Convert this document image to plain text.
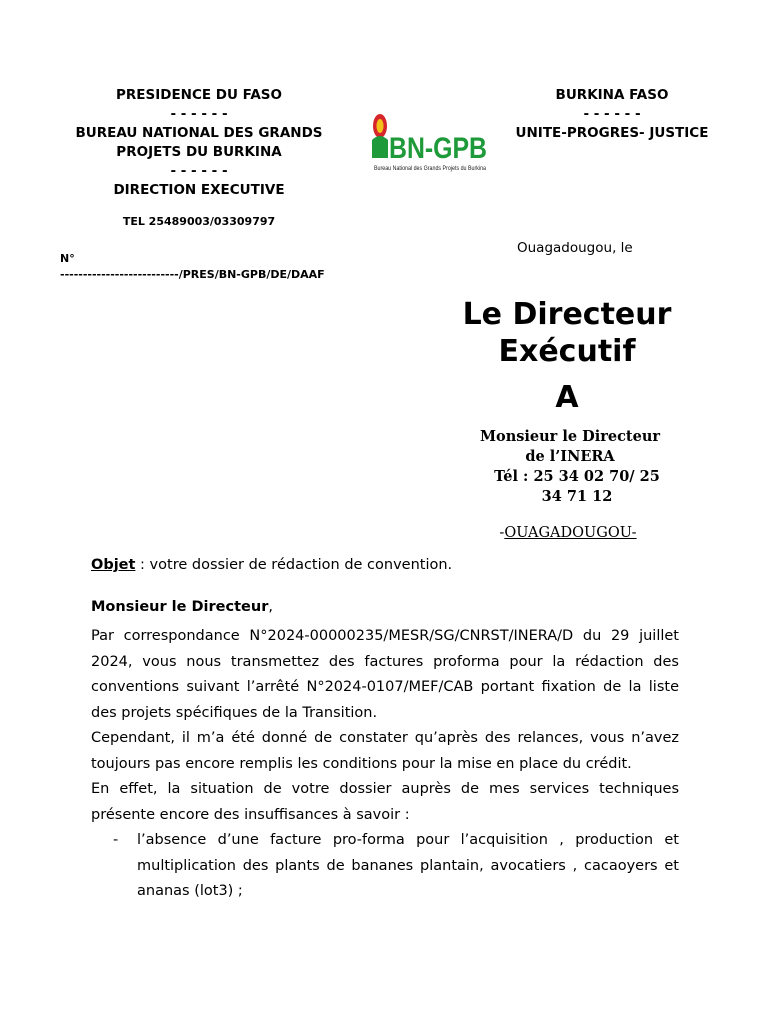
PRESIDENCE DU FASO
- - - - - -
BUREAU NATIONAL DES GRANDS PROJETS DU BURKINA
- - - - - -
DIRECTION EXECUTIVE
TEL 25489003/03309797
BN-GPB
Bureau National des Grands Projets du Burkina
BURKINA FASO
- - - - - -
UNITE-PROGRES- JUSTICE
N°
--------------------------/PRES/BN-GPB/DE/DAAF
Ouagadougou, le
Le Directeur Exécutif
A
Monsieur le Directeur de l’INERA
Tél : 25 34 02 70/ 25 34 71 12
-OUAGADOUGOU-

Objet : votre dossier de rédaction de convention.

Monsieur le Directeur,

Par correspondance N°2024-00000235/MESR/SG/CNRST/INERA/D du 29 juillet 2024, vous nous transmettez des factures proforma pour la rédaction des conventions suivant l’arrêté N°2024-0107/MEF/CAB portant fixation de la liste des projets spécifiques de la Transition.

Cependant, il m’a été donné de constater qu’après des relances, vous n’avez toujours pas encore remplis les conditions pour la mise en place du crédit.

En effet, la situation de votre dossier auprès de mes services techniques présente encore des insuffisances à savoir :

-	l’absence d’une facture pro-forma pour l’acquisition , production et multiplication des plants de bananes plantain, avocatiers , cacaoyers et ananas (lot3) ;
